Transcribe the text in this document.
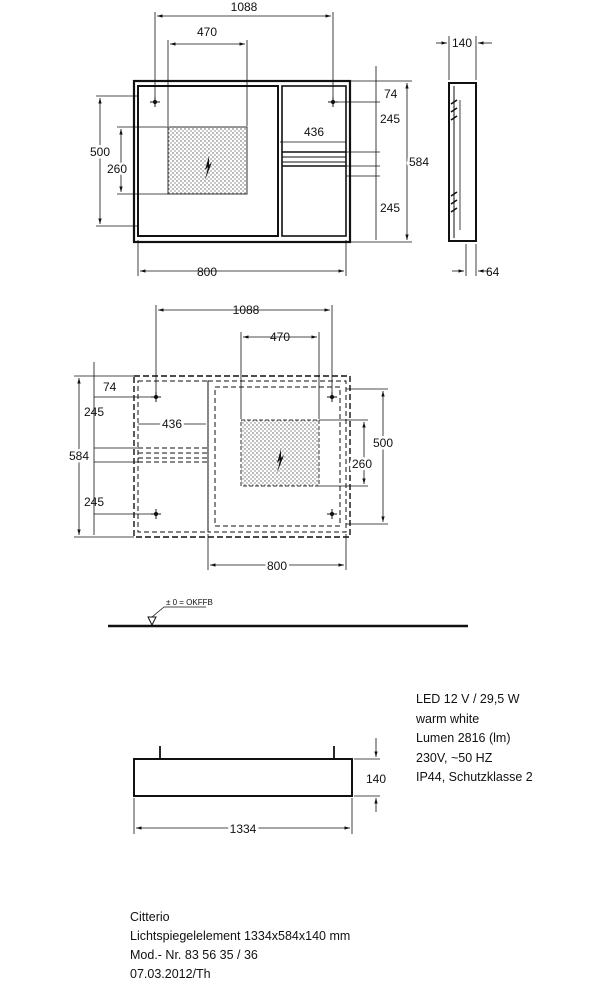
1088
470
500
260
436
74
245
584
245
800
140
64
1088
470
74
245
436
584
245
500
260
800
± 0 = OKFFB
140
1334
LED 12 V / 29,5 W
warm white
Lumen 2816 (lm)
230V, ~50 HZ
IP44, Schutzklasse 2
Citterio
Lichtspiegelelement 1334x584x140 mm
Mod.- Nr. 83 56 35 / 36
07.03.2012/Th
